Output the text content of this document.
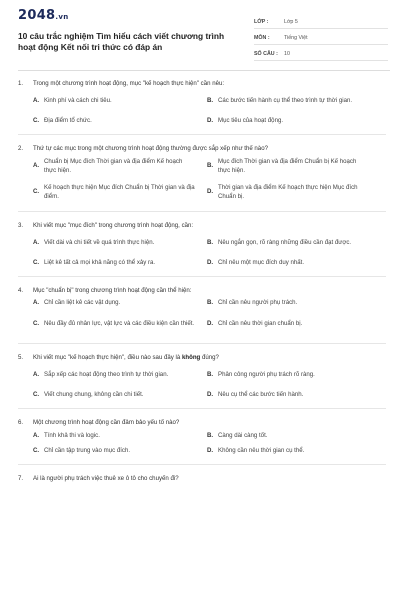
2048.vn
10 câu trắc nghiệm Tìm hiểu cách viết chương trình hoạt động Kết nối tri thức có đáp án
LỚP :	Lớp 5
MÔN :	Tiếng Việt
SỐ CÂU :	10
1.	Trong một chương trình hoạt động, mục "kế hoạch thực hiện" cần nêu:
A. Kinh phí và cách chi tiêu.	B. Các bước tiến hành cụ thể theo trình tự thời gian.
C. Địa điểm tổ chức.	D. Mục tiêu của hoạt động.
2.	Thứ tự các mục trong một chương trình hoạt động thường được sắp xếp như thế nào?
A.
Chuẩn bị Mục đích Thời gian và địa điểm Kế hoạch thực hiện.
B.
Mục đích Thời gian và địa điểm Chuẩn bị Kế hoạch thực hiện.
C.
Kế hoạch thực hiện Mục đích Chuẩn bị Thời gian và địa điểm.
D.
Thời gian và địa điểm Kế hoạch thực hiện Mục đích Chuẩn bị.
3.	Khi viết mục "mục đích" trong chương trình hoạt động, cần:
A. Viết dài và chi tiết về quá trình thực hiện.	B. Nêu ngắn gọn, rõ ràng những điều cần đạt được.
C. Liệt kê tất cả mọi khả năng có thể xảy ra.	D. Chỉ nêu một mục đích duy nhất.
4.	Mục "chuẩn bị" trong chương trình hoạt động cần thể hiện:
A. Chỉ cần liệt kê các vật dụng.	B. Chỉ cần nêu người phụ trách.
C. Nêu đầy đủ nhân lực, vật lực và các điều kiện cần thiết.	D. Chỉ cần nêu thời gian chuẩn bị.
5.	Khi viết mục "kế hoạch thực hiện", điều nào sau đây là không đúng?
A. Sắp xếp các hoạt động theo trình tự thời gian.	B. Phân công người phụ trách rõ ràng.
C. Viết chung chung, không cần chi tiết.	D. Nêu cụ thể các bước tiến hành.
6.	Một chương trình hoạt động cần đảm bảo yếu tố nào?
A. Tính khả thi và logic.	B. Càng dài càng tốt.
C. Chỉ cần tập trung vào mục đích.	D. Không cần nêu thời gian cụ thể.
7.	Ai là người phụ trách việc thuê xe ô tô cho chuyến đi?
